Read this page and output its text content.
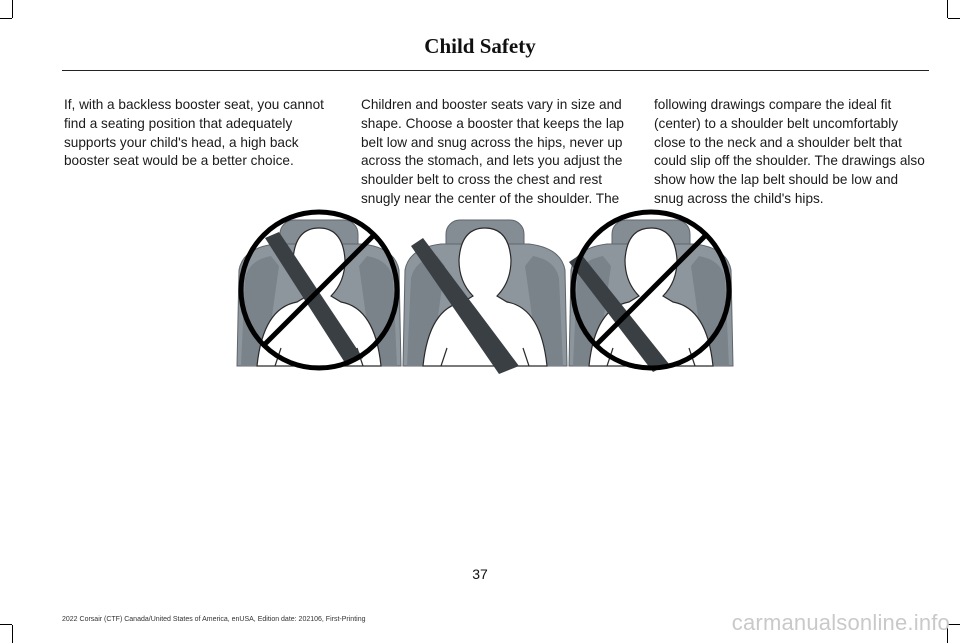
Child Safety

If, with a backless booster seat, you cannot find a seating position that adequately supports your child's head, a high back booster seat would be a better choice.

Children and booster seats vary in size and shape. Choose a booster that keeps the lap belt low and snug across the hips, never up across the stomach, and lets you adjust the shoulder belt to cross the chest and rest snugly near the center of the shoulder. The

following drawings compare the ideal fit (center) to a shoulder belt uncomfortably close to the neck and a shoulder belt that could slip off the shoulder. The drawings also show how the lap belt should be low and snug across the child's hips.

37
2022 Corsair (CTF) Canada/United States of America, enUSA, Edition date: 202106, First-Printing	carmanualsonline.info
